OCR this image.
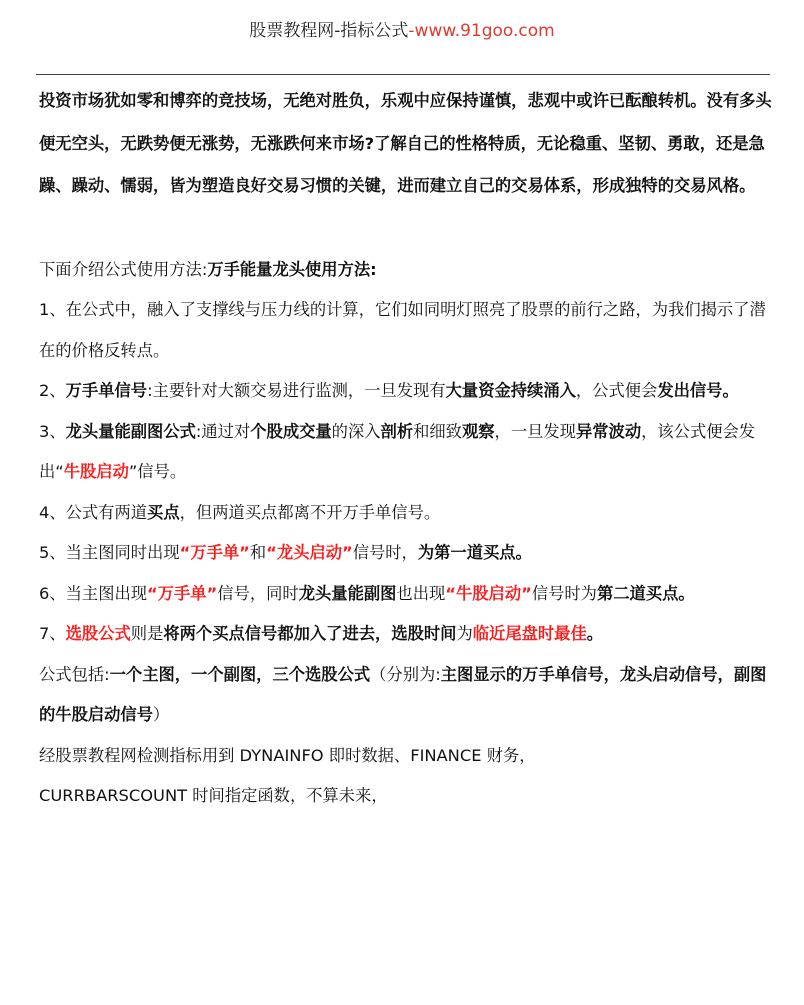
股票教程网-指标公式-www.91goo.com

投资市场犹如零和博弈的竞技场，无绝对胜负，乐观中应保持谨慎，悲观中或许已酝酿转机。没有多头便无空头，无跌势便无涨势，无涨跌何来市场?了解自己的性格特质，无论稳重、坚韧、勇敢，还是急躁、躁动、懦弱，皆为塑造良好交易习惯的关键，进而建立自己的交易体系，形成独特的交易风格。

下面介绍公式使用方法:万手能量龙头使用方法:

1、在公式中，融入了支撑线与压力线的计算，它们如同明灯照亮了股票的前行之路，为我们揭示了潜在的价格反转点。

2、万手单信号:主要针对大额交易进行监测，一旦发现有大量资金持续涌入，公式便会发出信号。

3、龙头量能副图公式:通过对个股成交量的深入剖析和细致观察，一旦发现异常波动，该公式便会发出“牛股启动”信号。

4、公式有两道买点，但两道买点都离不开万手单信号。

5、当主图同时出现“万手单”和“龙头启动”信号时，为第一道买点。

6、当主图出现“万手单”信号，同时龙头量能副图也出现“牛股启动”信号时为第二道买点。

7、选股公式则是将两个买点信号都加入了进去，选股时间为临近尾盘时最佳。

公式包括:一个主图，一个副图，三个选股公式（分别为:主图显示的万手单信号，龙头启动信号，副图的牛股启动信号）

经股票教程网检测指标用到 DYNAINFO 即时数据、FINANCE 财务，

CURRBARSCOUNT 时间指定函数，不算未来，
